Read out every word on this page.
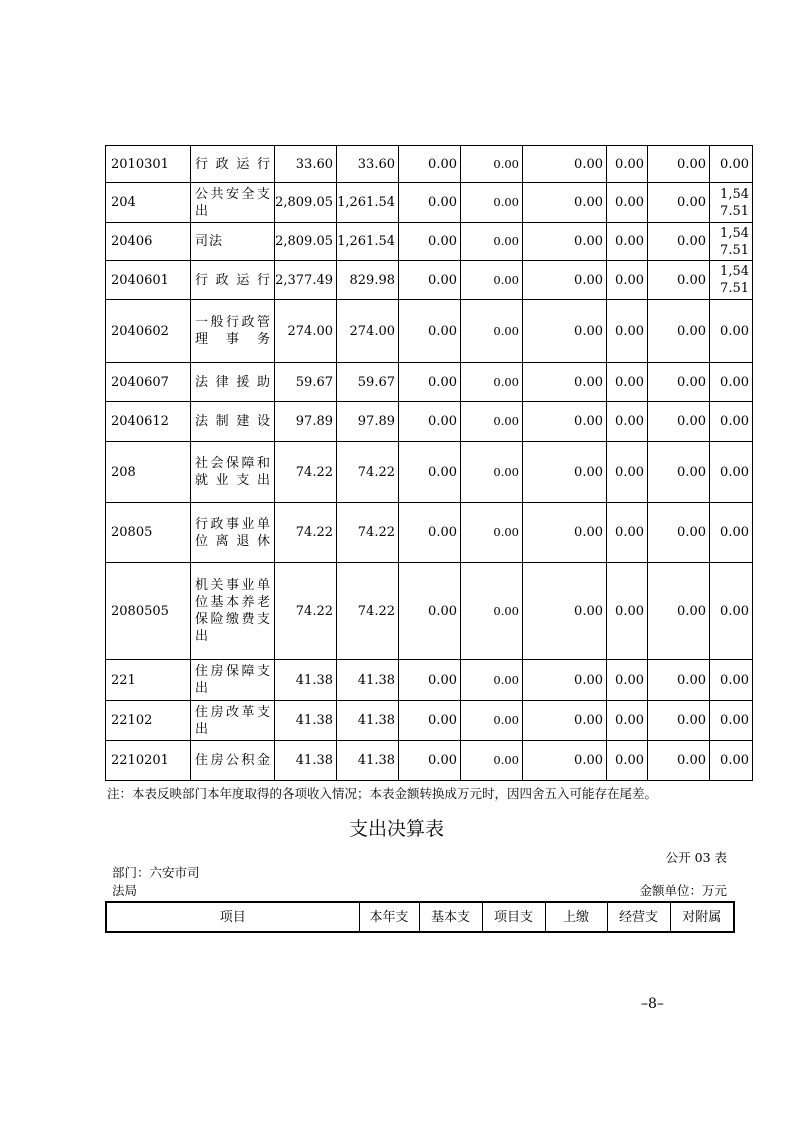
2010301	行政运行	33.60	33.60	0.00	0.00	0.00	0.00	0.00	0.00
204	公共安全支出	2,809.05	1,261.54	0.00	0.00	0.00	0.00	0.00	1,547.51
20406	司法	2,809.05	1,261.54	0.00	0.00	0.00	0.00	0.00	1,547.51
2040601	行政运行	2,377.49	829.98	0.00	0.00	0.00	0.00	0.00	1,547.51
2040602	一般行政管理事务	274.00	274.00	0.00	0.00	0.00	0.00	0.00	0.00
2040607	法律援助	59.67	59.67	0.00	0.00	0.00	0.00	0.00	0.00
2040612	法制建设	97.89	97.89	0.00	0.00	0.00	0.00	0.00	0.00
208	社会保障和就业支出	74.22	74.22	0.00	0.00	0.00	0.00	0.00	0.00
20805	行政事业单位离退休	74.22	74.22	0.00	0.00	0.00	0.00	0.00	0.00
2080505	机关事业单位基本养老保险缴费支出	74.22	74.22	0.00	0.00	0.00	0.00	0.00	0.00
221	住房保障支出	41.38	41.38	0.00	0.00	0.00	0.00	0.00	0.00
22102	住房改革支出	41.38	41.38	0.00	0.00	0.00	0.00	0.00	0.00
2210201	住房公积金	41.38	41.38	0.00	0.00	0.00	0.00	0.00	0.00
注：本表反映部门本年度取得的各项收入情况；本表金额转换成万元时，因四舍五入可能存在尾差。
支出决算表
公开 03 表
部门：六安市司
法局	金额单位：万元
项目	本年支	基本支	项目支	上缴	经营支	对附属
–8–
